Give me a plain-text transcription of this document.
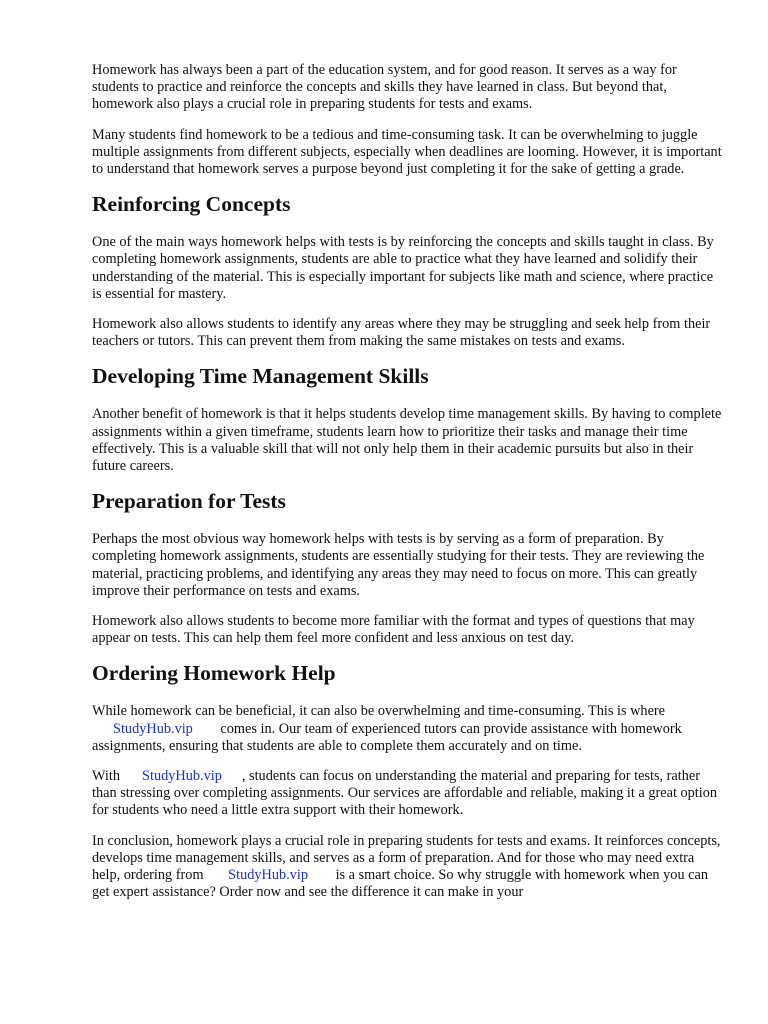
Homework has always been a part of the education system, and for good reason. It serves as a way for students to practice and reinforce the concepts and skills they have learned in class. But beyond that, homework also plays a crucial role in preparing students for tests and exams.

Many students find homework to be a tedious and time-consuming task. It can be overwhelming to juggle multiple assignments from different subjects, especially when deadlines are looming. However, it is important to understand that homework serves a purpose beyond just completing it for the sake of getting a grade.

Reinforcing Concepts

One of the main ways homework helps with tests is by reinforcing the concepts and skills taught in class. By completing homework assignments, students are able to practice what they have learned and solidify their understanding of the material. This is especially important for subjects like math and science, where practice is essential for mastery.

Homework also allows students to identify any areas where they may be struggling and seek help from their teachers or tutors. This can prevent them from making the same mistakes on tests and exams.

Developing Time Management Skills

Another benefit of homework is that it helps students develop time management skills. By having to complete assignments within a given timeframe, students learn how to prioritize their tasks and manage their time effectively. This is a valuable skill that will not only help them in their academic pursuits but also in their future careers.

Preparation for Tests

Perhaps the most obvious way homework helps with tests is by serving as a form of preparation. By completing homework assignments, students are essentially studying for their tests. They are reviewing the material, practicing problems, and identifying any areas they may need to focus on more. This can greatly improve their performance on tests and exams.

Homework also allows students to become more familiar with the format and types of questions that may appear on tests. This can help them feel more confident and less anxious on test day.

Ordering Homework Help

While homework can be beneficial, it can also be overwhelming and time-consuming. This is where StudyHub.vip comes in. Our team of experienced tutors can provide assistance with homework assignments, ensuring that students are able to complete them accurately and on time.

With StudyHub.vip , students can focus on understanding the material and preparing for tests, rather than stressing over completing assignments. Our services are affordable and reliable, making it a great option for students who need a little extra support with their homework.

In conclusion, homework plays a crucial role in preparing students for tests and exams. It reinforces concepts, develops time management skills, and serves as a form of preparation. And for those who may need extra help, ordering from StudyHub.vip is a smart choice. So why struggle with homework when you can get expert assistance? Order now and see the difference it can make in your
